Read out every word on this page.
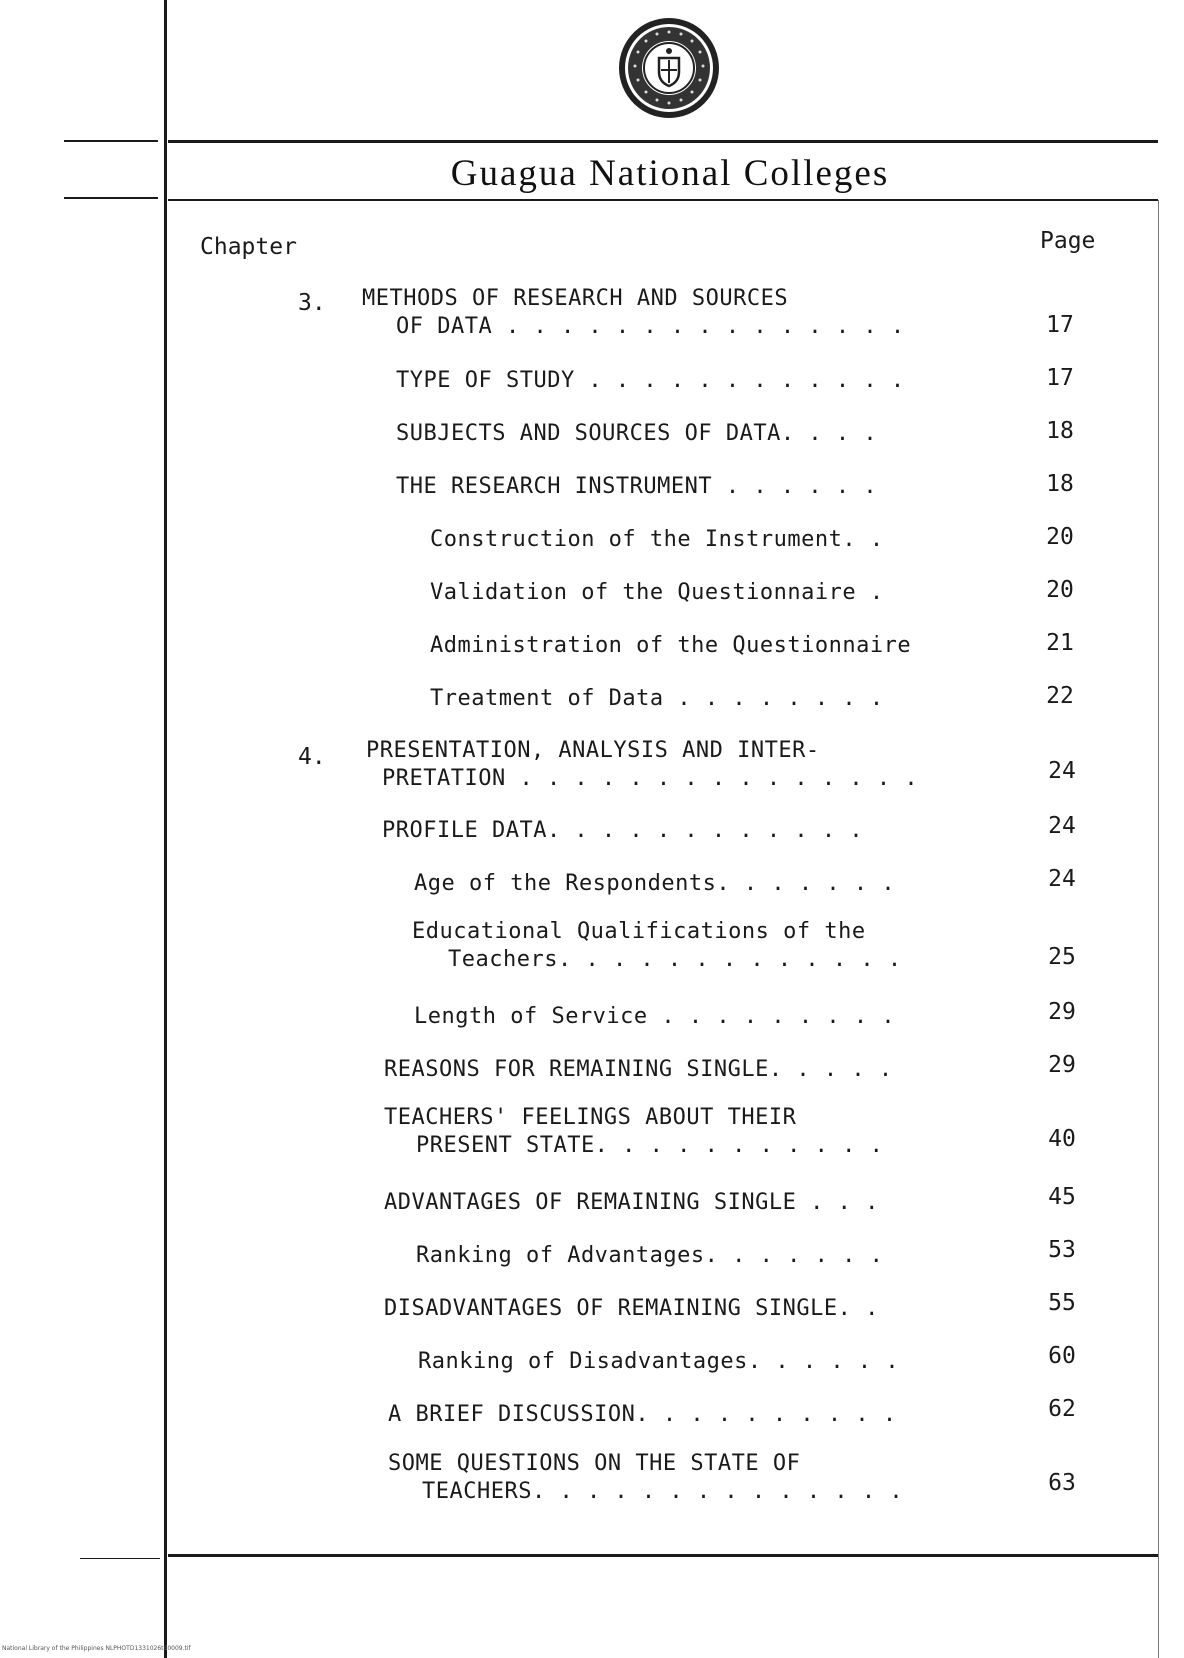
Guagua National Colleges
Chapter	Page
3. METHODS OF RESEARCH AND SOURCES
OF DATA . . . . . . . . . . . . . . .	17
TYPE OF STUDY . . . . . . . . . . . .	17
SUBJECTS AND SOURCES OF DATA. . . .	18
THE RESEARCH INSTRUMENT . . . . . .	18
Construction of the Instrument. .	20
Validation of the Questionnaire .	20
Administration of the Questionnaire	21
Treatment of Data . . . . . . . .	22
4. PRESENTATION, ANALYSIS AND INTER-
PRETATION . . . . . . . . . . . . . . .	24
PROFILE DATA. . . . . . . . . . . .	24
Age of the Respondents. . . . . . .	24
Educational Qualifications of the
Teachers. . . . . . . . . . . . .	25
Length of Service . . . . . . . . .	29
REASONS FOR REMAINING SINGLE. . . . .	29
TEACHERS' FEELINGS ABOUT THEIR
PRESENT STATE. . . . . . . . . . .	40
ADVANTAGES OF REMAINING SINGLE . . .	45
Ranking of Advantages. . . . . . .	53
DISADVANTAGES OF REMAINING SINGLE. .	55
Ranking of Disadvantages. . . . . .	60
A BRIEF DISCUSSION. . . . . . . . . .	62
SOME QUESTIONS ON THE STATE OF
TEACHERS. . . . . . . . . . . . . .	63
National Library of the Philippines NLPHOTD1331026td0009.tif
